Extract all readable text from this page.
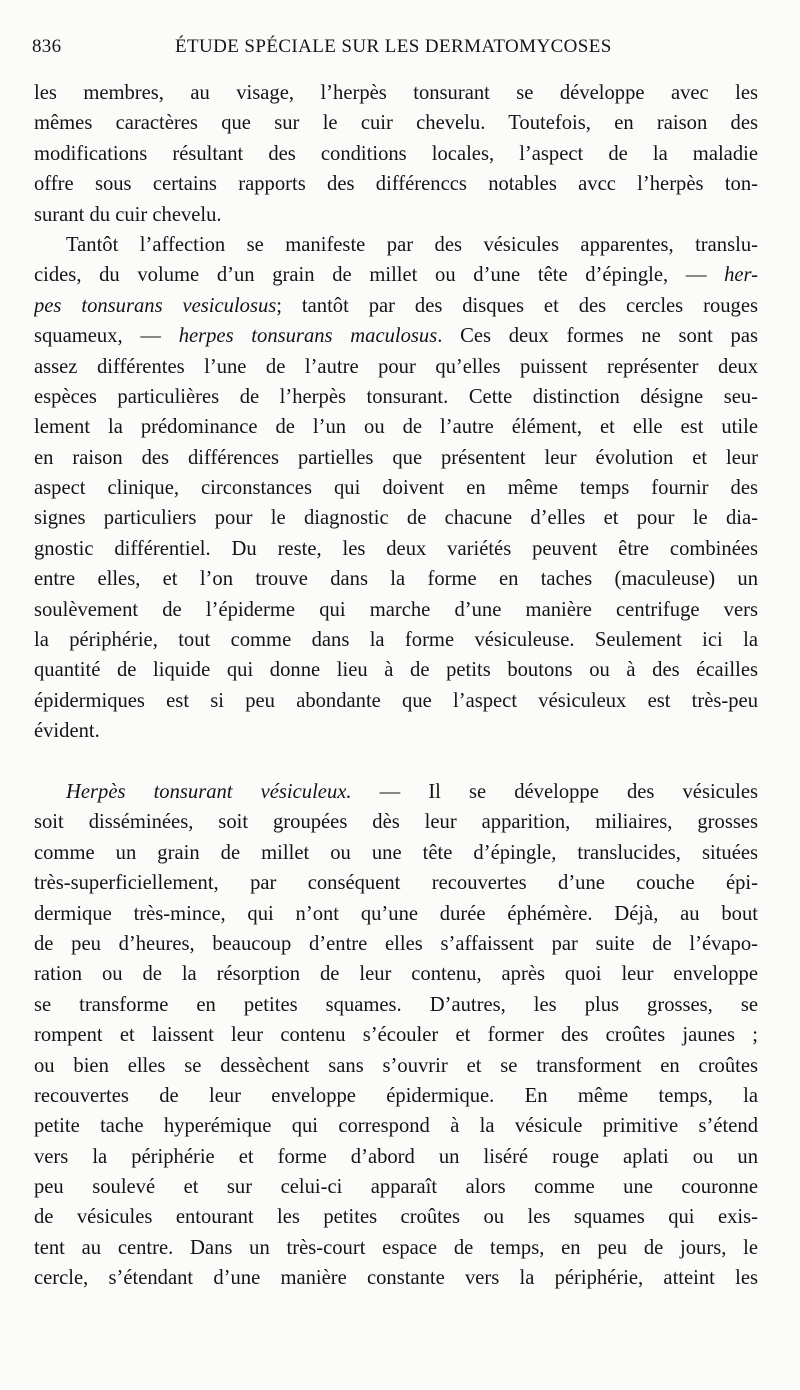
836	ÉTUDE SPÉCIALE SUR LES DERMATOMYCOSES
les membres, au visage, l’herpès tonsurant se développe avec les
mêmes caractères que sur le cuir chevelu. Toutefois, en raison des
modifications résultant des conditions locales, l’aspect de la maladie
offre sous certains rapports des différenccs notables avcc l’herpès ton-
surant du cuir chevelu.
Tantôt l’affection se manifeste par des vésicules apparentes, translu-
cides, du volume d’un grain de millet ou d’une tête d’épingle, — her-
pes tonsurans vesiculosus; tantôt par des disques et des cercles rouges
squameux, — herpes tonsurans maculosus. Ces deux formes ne sont pas
assez différentes l’une de l’autre pour qu’elles puissent représenter deux
espèces particulières de l’herpès tonsurant. Cette distinction désigne seu-
lement la prédominance de l’un ou de l’autre élément, et elle est utile
en raison des différences partielles que présentent leur évolution et leur
aspect clinique, circonstances qui doivent en même temps fournir des
signes particuliers pour le diagnostic de chacune d’elles et pour le dia-
gnostic différentiel. Du reste, les deux variétés peuvent être combinées
entre elles, et l’on trouve dans la forme en taches (maculeuse) un
soulèvement de l’épiderme qui marche d’une manière centrifuge vers
la périphérie, tout comme dans la forme vésiculeuse. Seulement ici la
quantité de liquide qui donne lieu à de petits boutons ou à des écailles
épidermiques est si peu abondante que l’aspect vésiculeux est très-peu
évident.
Herpès tonsurant vésiculeux. — Il se développe des vésicules
soit disséminées, soit groupées dès leur apparition, miliaires, grosses
comme un grain de millet ou une tête d’épingle, translucides, situées
très-superficiellement, par conséquent recouvertes d’une couche épi-
dermique très-mince, qui n’ont qu’une durée éphémère. Déjà, au bout
de peu d’heures, beaucoup d’entre elles s’affaissent par suite de l’évapo-
ration ou de la résorption de leur contenu, après quoi leur enveloppe
se transforme en petites squames. D’autres, les plus grosses, se
rompent et laissent leur contenu s’écouler et former des croûtes jaunes ;
ou bien elles se dessèchent sans s’ouvrir et se transforment en croûtes
recouvertes de leur enveloppe épidermique. En même temps, la
petite tache hyperémique qui correspond à la vésicule primitive s’étend
vers la périphérie et forme d’abord un liséré rouge aplati ou un
peu soulevé et sur celui-ci apparaît alors comme une couronne
de vésicules entourant les petites croûtes ou les squames qui exis-
tent au centre. Dans un très-court espace de temps, en peu de jours, le
cercle, s’étendant d’une manière constante vers la périphérie, atteint les
